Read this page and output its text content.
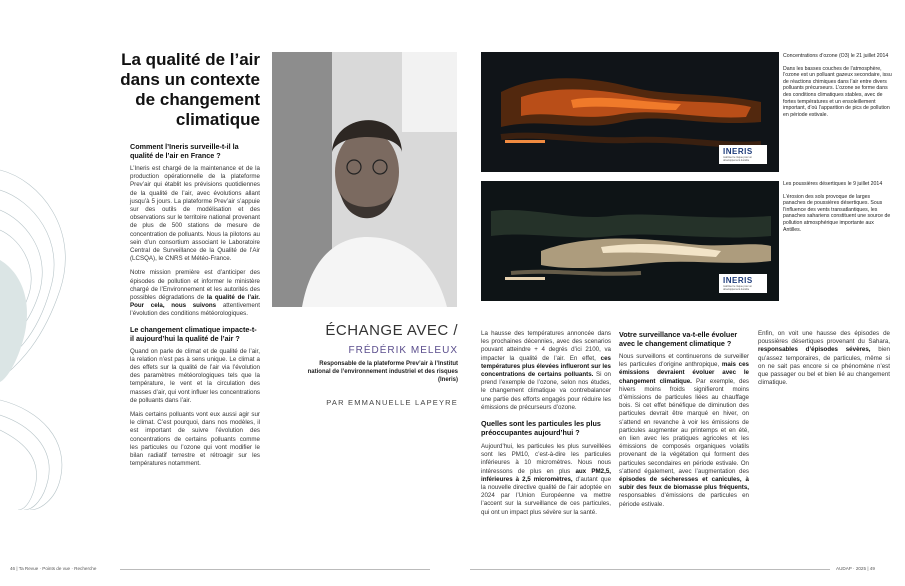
La qualité de l’air dans un contexte de changement climatique
Comment l’Ineris surveille-t-il la qualité de l’air en France ?
L’Ineris est chargé de la maintenance et de la production opérationnelle de la plateforme Prev’air qui établit les prévisions quotidiennes de la qualité de l’air, avec évolutions allant jusqu’à 5 jours. La plateforme Prev’air s’appuie sur des outils de modélisation et des observations sur le territoire national provenant de plus de 500 stations de mesure de concentration de polluants. Nous la pilotons au sein d’un consortium associant le Laboratoire Central de Surveillance de la Qualité de l’Air (LCSQA), le CNRS et Météo-France.
Notre mission première est d’anticiper des épisodes de pollution et informer le ministère chargé de l’Environnement et les autorités des possibles dégradations de la qualité de l’air. Pour cela, nous suivons attentivement l’évolution des conditions météorologiques.
Le changement climatique impacte-t-il aujourd’hui la qualité de l’air ?
Quand on parle de climat et de qualité de l’air, la relation n’est pas à sens unique. Le climat a des effets sur la qualité de l’air via l’évolution des paramètres météorologiques tels que la température, le vent et la circulation des masses d’air, qui vont influer les concentrations de polluants dans l’air.
Mais certains polluants vont eux aussi agir sur le climat. C’est pourquoi, dans nos modèles, il est important de suivre l’évolution des concentrations de certains polluants comme les particules ou l’ozone qui vont modifier le bilan radiatif terrestre et rétroagir sur les températures notamment.
ÉCHANGE AVEC /
FRÉDÉRIK MELEUX
Responsable de la plateforme Prev’air à l’Institut national de l’environnement industriel et des risques (Ineris)
PAR EMMANUELLE LAPEYRE
INERIS
maîtriser le risque pour un développement durable
INERIS
maîtriser le risque pour un développement durable
Concentrations d’ozone (O3) le 21 juillet 2014
Dans les basses couches de l’atmosphère, l’ozone est un polluant gazeux secondaire, issu de réactions chimiques dans l’air entre divers polluants précurseurs. L’ozone se forme dans des conditions climatiques stables, avec de fortes températures et un ensoleillement important, d’où l’apparition de pics de pollution en période estivale.
Les poussières désertiques le 9 juillet 2014
L’érosion des sols provoque de larges panaches de poussières désertiques. Sous l’influence des vents transatlantiques, les panaches sahariens constituent une source de pollution atmosphérique importante aux Antilles.
La hausse des températures annoncée dans les prochaines décennies, avec des scenarios pouvant atteindre + 4 degrés d’ici 2100, va impacter la qualité de l’air. En effet, ces températures plus élevées influeront sur les concentrations de certains polluants. Si on prend l’exemple de l’ozone, selon nos études, le changement climatique va contrebalancer une partie des efforts engagés pour réduire les émissions de précurseurs d’ozone.
Quelles sont les particules les plus préoccupantes aujourd’hui ?
Aujourd’hui, les particules les plus surveillées sont les PM10, c’est-à-dire les particules inférieures à 10 micromètres. Nous nous intéressons de plus en plus aux PM2,5, inférieures à 2,5 micromètres, d’autant que la nouvelle directive qualité de l’air adoptée en 2024 par l’Union Européenne va mettre l’accent sur la surveillance de ces particules, qui ont un impact plus sévère sur la santé.
Votre surveillance va-t-elle évoluer avec le changement climatique ?
Nous surveillons et continuerons de surveiller les particules d’origine anthropique, mais ces émissions devraient évoluer avec le changement climatique. Par exemple, des hivers moins froids signifieront moins d’émissions de particules liées au chauffage bois. Si cet effet bénéfique de diminution des particules devrait être marqué en hiver, on s’attend en revanche à voir les émissions de particules augmenter au printemps et en été, en lien avec les pratiques agricoles et les émissions de composés organiques volatils provenant de la végétation qui forment des particules secondaires en période estivale. On s’attend également, avec l’augmentation des épisodes de sécheresses et canicules, à subir des feux de biomasse plus fréquents, responsables d’émissions de particules en période estivale.
Enfin, on voit une hausse des épisodes de poussières désertiques provenant du Sahara, responsables d’épisodes sévères, bien qu’assez temporaires, de particules, même si on ne sait pas encore si ce phénomène n’est que passager ou bel et bien lié au changement climatique.
46 | Ta Revue · Points de vue · Recherche	AUDAP · 2025 | 49
